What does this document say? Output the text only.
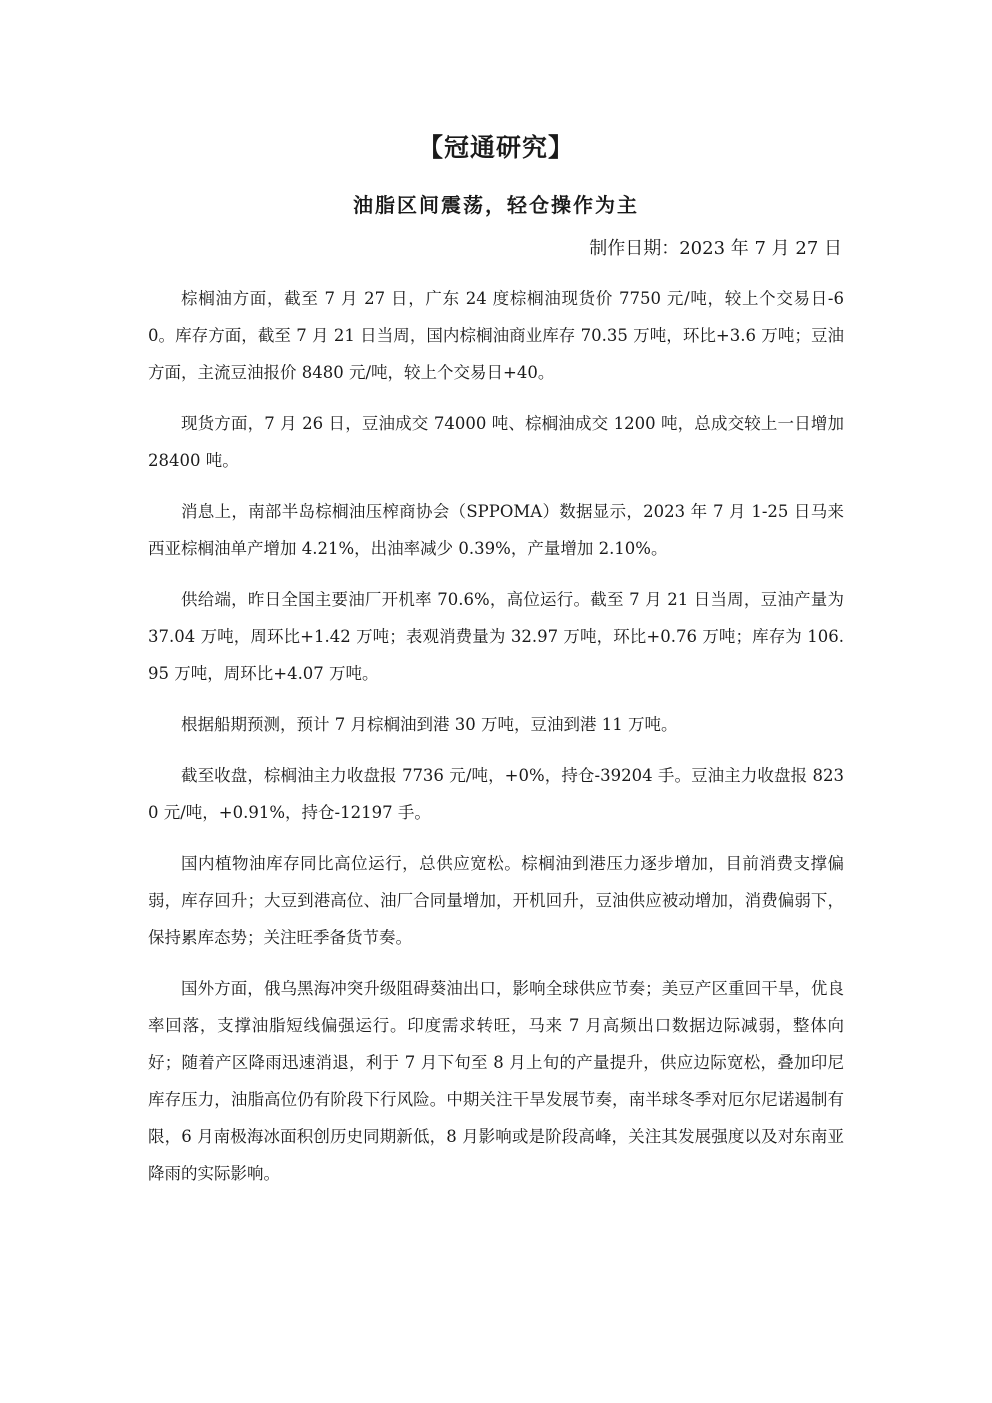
【冠通研究】
油脂区间震荡，轻仓操作为主
制作日期：2023 年 7 月 27 日

棕榈油方面，截至 7 月 27 日，广东 24 度棕榈油现货价 7750 元/吨，较上个交易日-60。库存方面，截至 7 月 21 日当周，国内棕榈油商业库存 70.35 万吨，环比+3.6 万吨；豆油方面，主流豆油报价 8480 元/吨，较上个交易日+40。

现货方面，7 月 26 日，豆油成交 74000 吨、棕榈油成交 1200 吨，总成交较上一日增加 28400 吨。

消息上，南部半岛棕榈油压榨商协会（SPPOMA）数据显示，2023 年 7 月 1-25 日马来西亚棕榈油单产增加 4.21%，出油率减少 0.39%，产量增加 2.10%。

供给端，昨日全国主要油厂开机率 70.6%，高位运行。截至 7 月 21 日当周，豆油产量为 37.04 万吨，周环比+1.42 万吨；表观消费量为 32.97 万吨，环比+0.76 万吨；库存为 106.95 万吨，周环比+4.07 万吨。

根据船期预测，预计 7 月棕榈油到港 30 万吨，豆油到港 11 万吨。

截至收盘，棕榈油主力收盘报 7736 元/吨，+0%，持仓-39204 手。豆油主力收盘报 8230 元/吨，+0.91%，持仓-12197 手。

国内植物油库存同比高位运行，总供应宽松。棕榈油到港压力逐步增加，目前消费支撑偏弱，库存回升；大豆到港高位、油厂合同量增加，开机回升，豆油供应被动增加，消费偏弱下，保持累库态势；关注旺季备货节奏。

国外方面，俄乌黑海冲突升级阻碍葵油出口，影响全球供应节奏；美豆产区重回干旱，优良率回落，支撑油脂短线偏强运行。印度需求转旺，马来 7 月高频出口数据边际减弱，整体向好；随着产区降雨迅速消退，利于 7 月下旬至 8 月上旬的产量提升，供应边际宽松，叠加印尼库存压力，油脂高位仍有阶段下行风险。中期关注干旱发展节奏，南半球冬季对厄尔尼诺遏制有限，6 月南极海冰面积创历史同期新低，8 月影响或是阶段高峰，关注其发展强度以及对东南亚降雨的实际影响。
